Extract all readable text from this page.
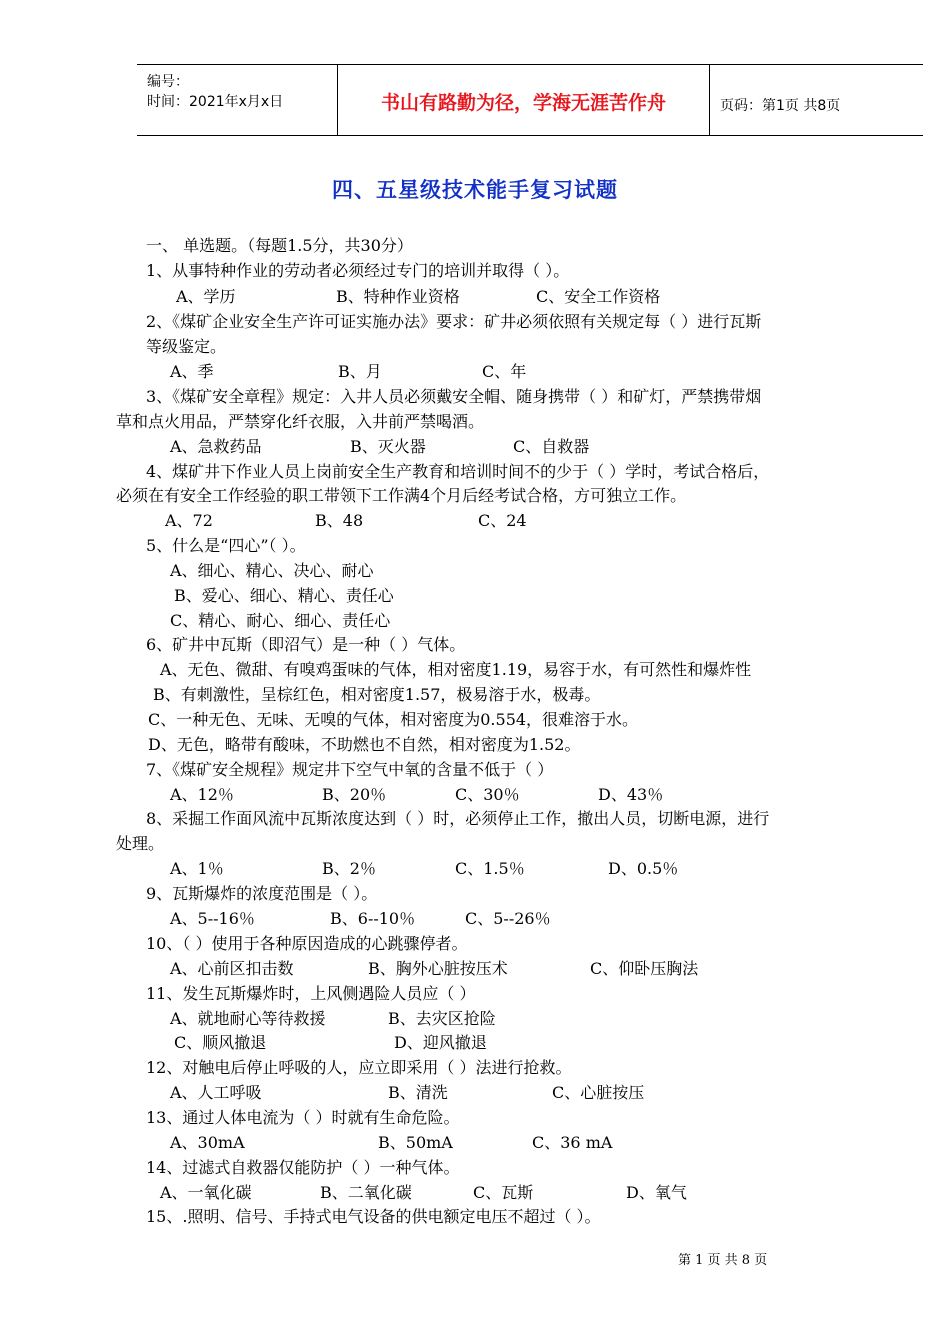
编号：
时间：2021年x月x日	书山有路勤为径，学海无涯苦作舟	页码：第1页 共8页
四、五星级技术能手复习试题
一、 单选题。（每题1.5分，共30分）
1、从事特种作业的劳动者必须经过专门的培训并取得（ ）。
A、学历	B、特种作业资格	C、安全工作资格
2、《煤矿企业安全生产许可证实施办法》要求：矿井必须依照有关规定每（ ）进行瓦斯
等级鉴定。
A、季	B、月	C、年
3、《煤矿安全章程》规定：入井人员必须戴安全帽、随身携带（ ）和矿灯，严禁携带烟
草和点火用品，严禁穿化纤衣服，入井前严禁喝酒。
A、急救药品	B、灭火器	C、自救器
4、煤矿井下作业人员上岗前安全生产教育和培训时间不的少于（ ）学时，考试合格后，
必须在有安全工作经验的职工带领下工作满4个月后经考试合格，方可独立工作。
A、72	B、48	C、24
5、什么是“四心”（ ）。
A、细心、精心、决心、耐心
B、爱心、细心、精心、责任心
C、精心、耐心、细心、责任心
6、矿井中瓦斯（即沼气）是一种（ ）气体。
A、无色、微甜、有嗅鸡蛋味的气体，相对密度1.19，易容于水，有可然性和爆炸性
B、有刺激性，呈棕红色，相对密度1.57，极易溶于水，极毒。
C、一种无色、无味、无嗅的气体，相对密度为0.554，很难溶于水。
D、无色，略带有酸味，不助燃也不自然，相对密度为1.52。
7、《煤矿安全规程》规定井下空气中氧的含量不低于（ ）
A、12％	B、20％	C、30％	D、43％
8、采掘工作面风流中瓦斯浓度达到（ ）时，必须停止工作，撤出人员，切断电源，进行
处理。
A、1％	B、2％	C、1.5％	D、0.5％
9、瓦斯爆炸的浓度范围是（ ）。
A、5--16％	B、6--10％	C、5--26％
10、（ ）使用于各种原因造成的心跳骤停者。
A、心前区扣击数	B、胸外心脏按压术	C、仰卧压胸法
11、发生瓦斯爆炸时，上风侧遇险人员应（ ）
A、就地耐心等待救援	B、去灾区抢险
C、顺风撤退	D、迎风撤退
12、对触电后停止呼吸的人，应立即采用（ ）法进行抢救。
A、人工呼吸	B、清洗	C、心脏按压
13、通过人体电流为（ ）时就有生命危险。
A、30mA	B、50mA	C、36 mA
14、过滤式自救器仅能防护（ ）一种气体。
A、一氧化碳	B、二氧化碳	C、瓦斯	D、氧气
15、.照明、信号、手持式电气设备的供电额定电压不超过（ ）。
第 1 页 共 8 页
